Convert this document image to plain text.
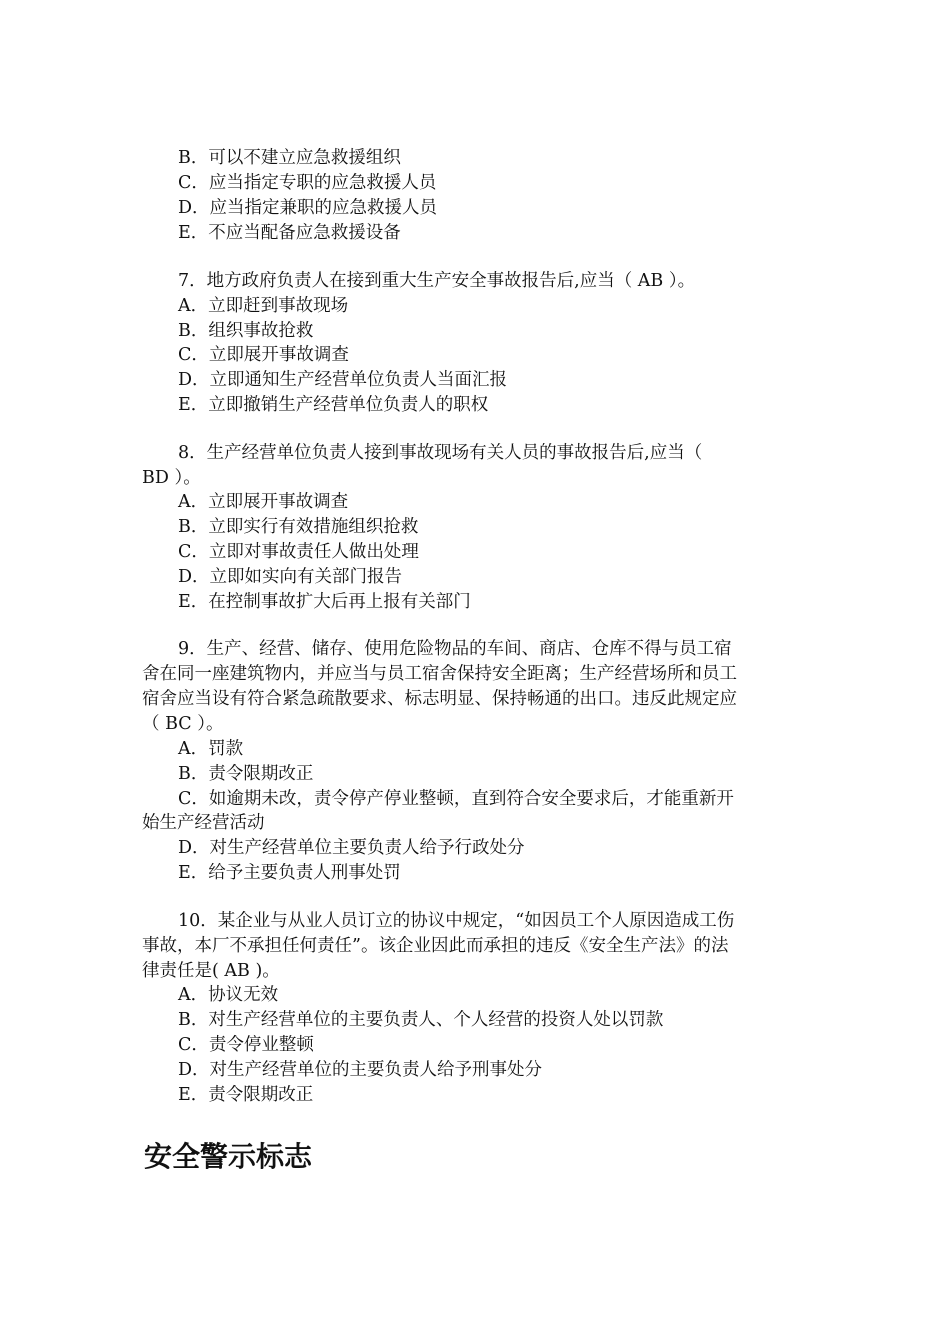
B．可以不建立应急救援组织
C．应当指定专职的应急救援人员
D．应当指定兼职的应急救援人员
E．不应当配备应急救援设备
7．地方政府负责人在接到重大生产安全事故报告后,应当（ AB ）。
A．立即赶到事故现场
B．组织事故抢救
C．立即展开事故调查
D．立即通知生产经营单位负责人当面汇报
E．立即撤销生产经营单位负责人的职权
8．生产经营单位负责人接到事故现场有关人员的事故报告后,应当（
BD ）。
A．立即展开事故调查
B．立即实行有效措施组织抢救
C．立即对事故责任人做出处理
D．立即如实向有关部门报告
E．在控制事故扩大后再上报有关部门
9．生产、经营、储存、使用危险物品的车间、商店、仓库不得与员工宿
舍在同一座建筑物内，并应当与员工宿舍保持安全距离；生产经营场所和员工
宿舍应当设有符合紧急疏散要求、标志明显、保持畅通的出口。违反此规定应
（ BC ）。
A．罚款
B．责令限期改正
C．如逾期未改，责令停产停业整顿，直到符合安全要求后，才能重新开
始生产经营活动
D．对生产经营单位主要负责人给予行政处分
E．给予主要负责人刑事处罚
10．某企业与从业人员订立的协议中规定，“如因员工个人原因造成工伤
事故，本厂不承担任何责任”。该企业因此而承担的违反《安全生产法》的法
律责任是( AB )。
A．协议无效
B．对生产经营单位的主要负责人、个人经营的投资人处以罚款
C．责令停业整顿
D．对生产经营单位的主要负责人给予刑事处分
E．责令限期改正
安全警示标志
